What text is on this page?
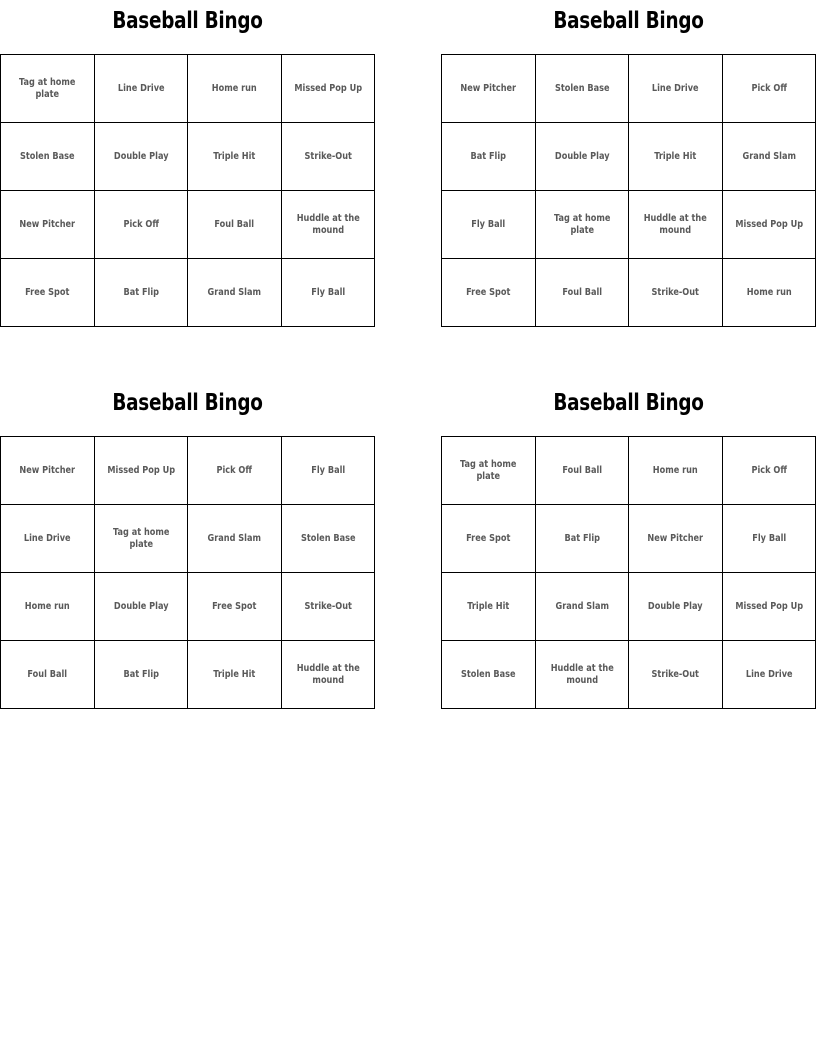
Baseball Bingo
Tag at home plate	Line Drive	Home run	Missed Pop Up

Stolen Base	Double Play	Triple Hit	Strike-Out

New Pitcher	Pick Off	Foul Ball	Huddle at the mound

Free Spot	Bat Flip	Grand Slam	Fly Ball
Baseball Bingo
New Pitcher	Stolen Base	Line Drive	Pick Off

Bat Flip	Double Play	Triple Hit	Grand Slam

Fly Ball	Tag at home plate	Huddle at the mound	Missed Pop Up

Free Spot	Foul Ball	Strike-Out	Home run
Baseball Bingo
New Pitcher	Missed Pop Up	Pick Off	Fly Ball

Line Drive	Tag at home plate	Grand Slam	Stolen Base

Home run	Double Play	Free Spot	Strike-Out

Foul Ball	Bat Flip	Triple Hit	Huddle at the mound
Baseball Bingo
Tag at home plate	Foul Ball	Home run	Pick Off

Free Spot	Bat Flip	New Pitcher	Fly Ball

Triple Hit	Grand Slam	Double Play	Missed Pop Up

Stolen Base	Huddle at the mound	Strike-Out	Line Drive
